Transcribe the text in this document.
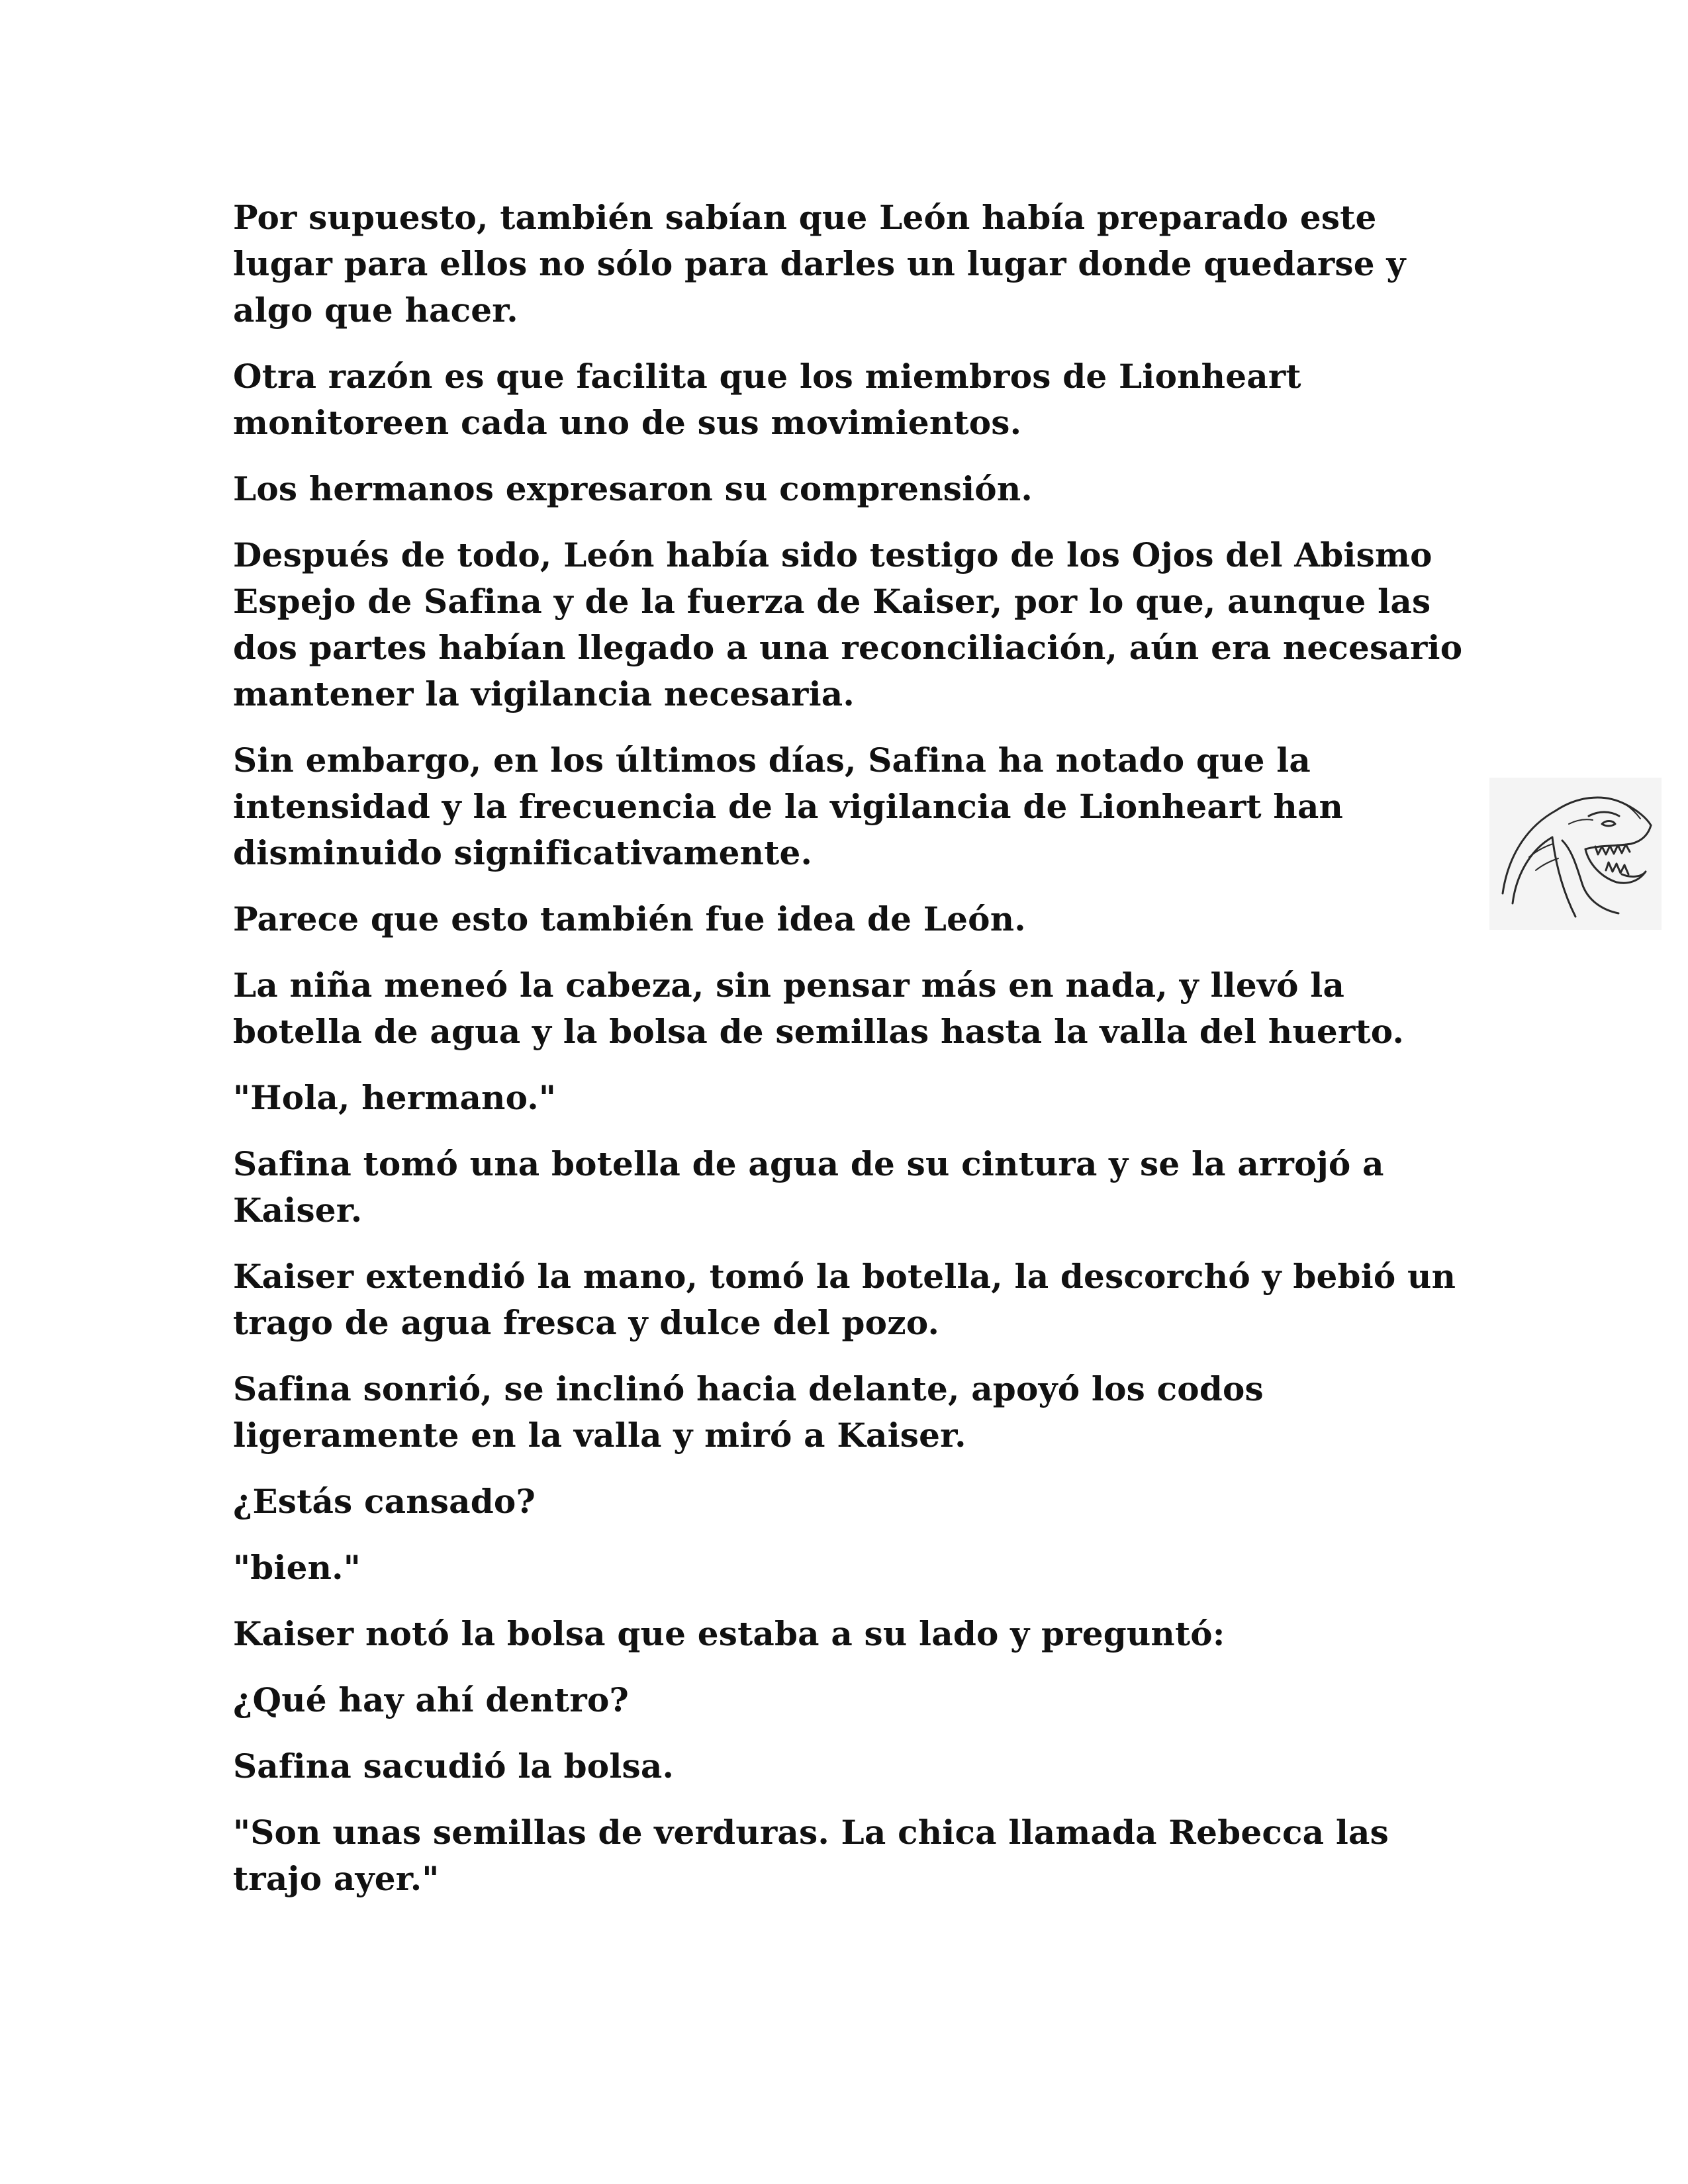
Por supuesto, también sabían que León había preparado este lugar para ellos no sólo para darles un lugar donde quedarse y algo que hacer.

Otra razón es que facilita que los miembros de Lionheart monitoreen cada uno de sus movimientos.

Los hermanos expresaron su comprensión.

Después de todo, León había sido testigo de los Ojos del Abismo Espejo de Safina y de la fuerza de Kaiser, por lo que, aunque las dos partes habían llegado a una reconciliación, aún era necesario mantener la vigilancia necesaria.

Sin embargo, en los últimos días, Safina ha notado que la intensidad y la frecuencia de la vigilancia de Lionheart han disminuido significativamente.

Parece que esto también fue idea de León.

La niña meneó la cabeza, sin pensar más en nada, y llevó la botella de agua y la bolsa de semillas hasta la valla del huerto.

"Hola, hermano."

Safina tomó una botella de agua de su cintura y se la arrojó a Kaiser.

Kaiser extendió la mano, tomó la botella, la descorchó y bebió un trago de agua fresca y dulce del pozo.

Safina sonrió, se inclinó hacia delante, apoyó los codos ligeramente en la valla y miró a Kaiser.

¿Estás cansado?

"bien."

Kaiser notó la bolsa que estaba a su lado y preguntó:

¿Qué hay ahí dentro?

Safina sacudió la bolsa.

"Son unas semillas de verduras. La chica llamada Rebecca las trajo ayer."
